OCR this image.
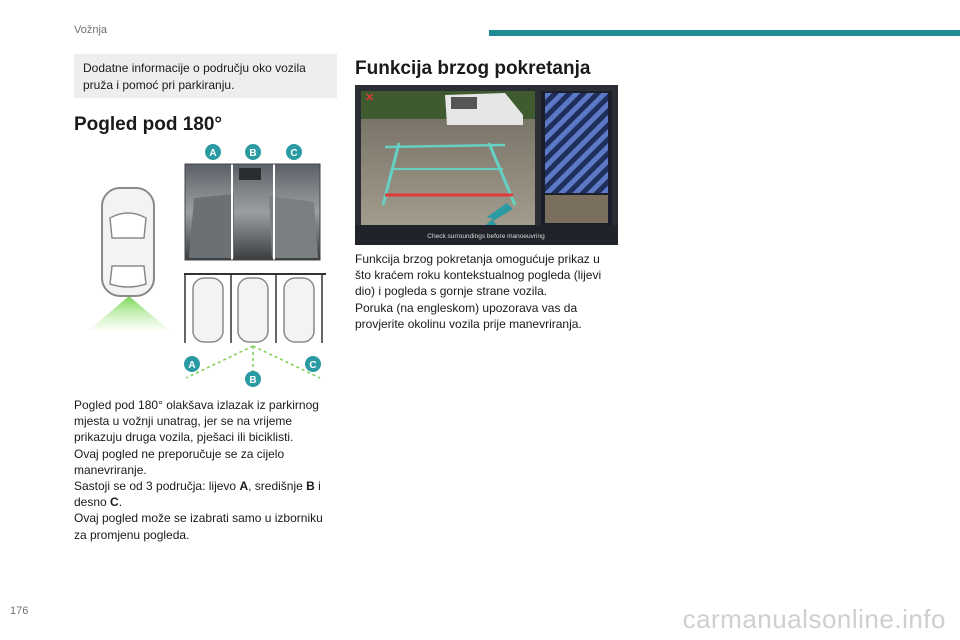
Vožnja
Dodatne informacije o području oko vozila
pruža i pomoć pri parkiranju.
Pogled pod 180°
A	B	C
A
B
C

Pogled pod 180° olakšava izlazak iz parkirnog

mjesta u vožnji unatrag, jer se na vrijeme

prikazuju druga vozila, pješaci ili biciklisti.

Ovaj pogled ne preporučuje se za cijelo

manevriranje.

Sastoji se od 3 područja: lijevo A, središnje B i

desno C.

Ovaj pogled može se izabrati samo u izborniku

za promjenu pogleda.

Funkcija brzog pokretanja
✕
Check surroundings before manoeuvring

Funkcija brzog pokretanja omogućuje prikaz u

što kraćem roku kontekstualnog pogleda (lijevi

dio) i pogleda s gornje strane vozila.

Poruka (na engleskom) upozorava vas da

provjerite okolinu vozila prije manevriranja.

176	carmanualsonline.info
